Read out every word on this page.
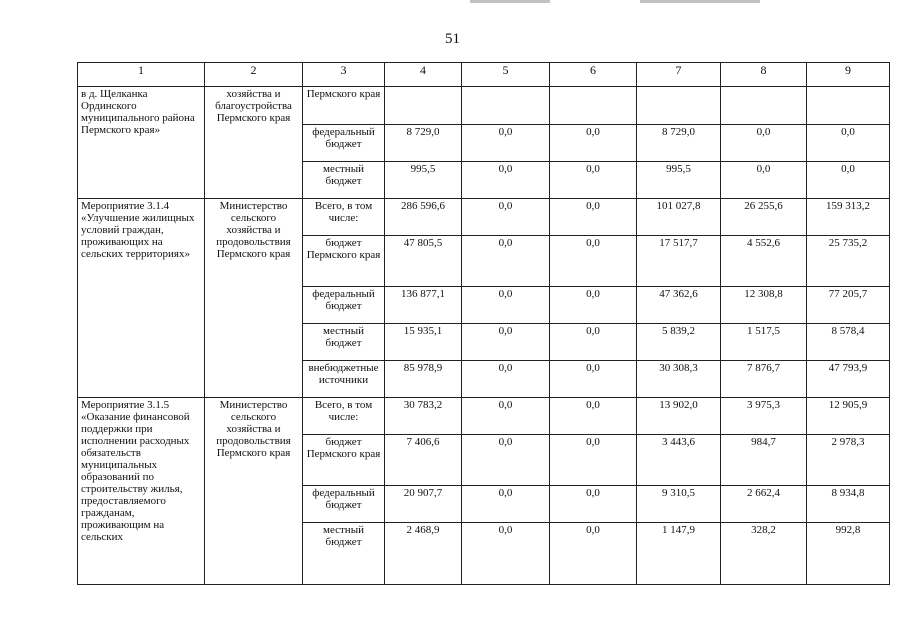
51
1	2	3	4	5	6	7	8	9
в д. Щелканка Ординского муниципального района Пермского края»	хозяйства и благоустройства Пермского края	Пермского края						
		федеральный бюджет	8 729,0	0,0	0,0	8 729,0	0,0	0,0
		местный бюджет	995,5	0,0	0,0	995,5	0,0	0,0
Мероприятие 3.1.4 «Улучшение жилищных условий граждан, проживающих на сельских территориях»	Министерство сельского хозяйства и продовольствия Пермского края	Всего, в том числе:	286 596,6	0,0	0,0	101 027,8	26 255,6	159 313,2
		бюджет Пермского края	47 805,5	0,0	0,0	17 517,7	4 552,6	25 735,2
		федеральный бюджет	136 877,1	0,0	0,0	47 362,6	12 308,8	77 205,7
		местный бюджет	15 935,1	0,0	0,0	5 839,2	1 517,5	8 578,4
		внебюджетные источники	85 978,9	0,0	0,0	30 308,3	7 876,7	47 793,9
Мероприятие 3.1.5 «Оказание финансовой поддержки при исполнении расходных обязательств муниципальных образований по строительству жилья, предоставляемого гражданам, проживающим на сельских	Министерство сельского хозяйства и продовольствия Пермского края	Всего, в том числе:	30 783,2	0,0	0,0	13 902,0	3 975,3	12 905,9
		бюджет Пермского края	7 406,6	0,0	0,0	3 443,6	984,7	2 978,3
		федеральный бюджет	20 907,7	0,0	0,0	9 310,5	2 662,4	8 934,8
		местный бюджет	2 468,9	0,0	0,0	1 147,9	328,2	992,8
